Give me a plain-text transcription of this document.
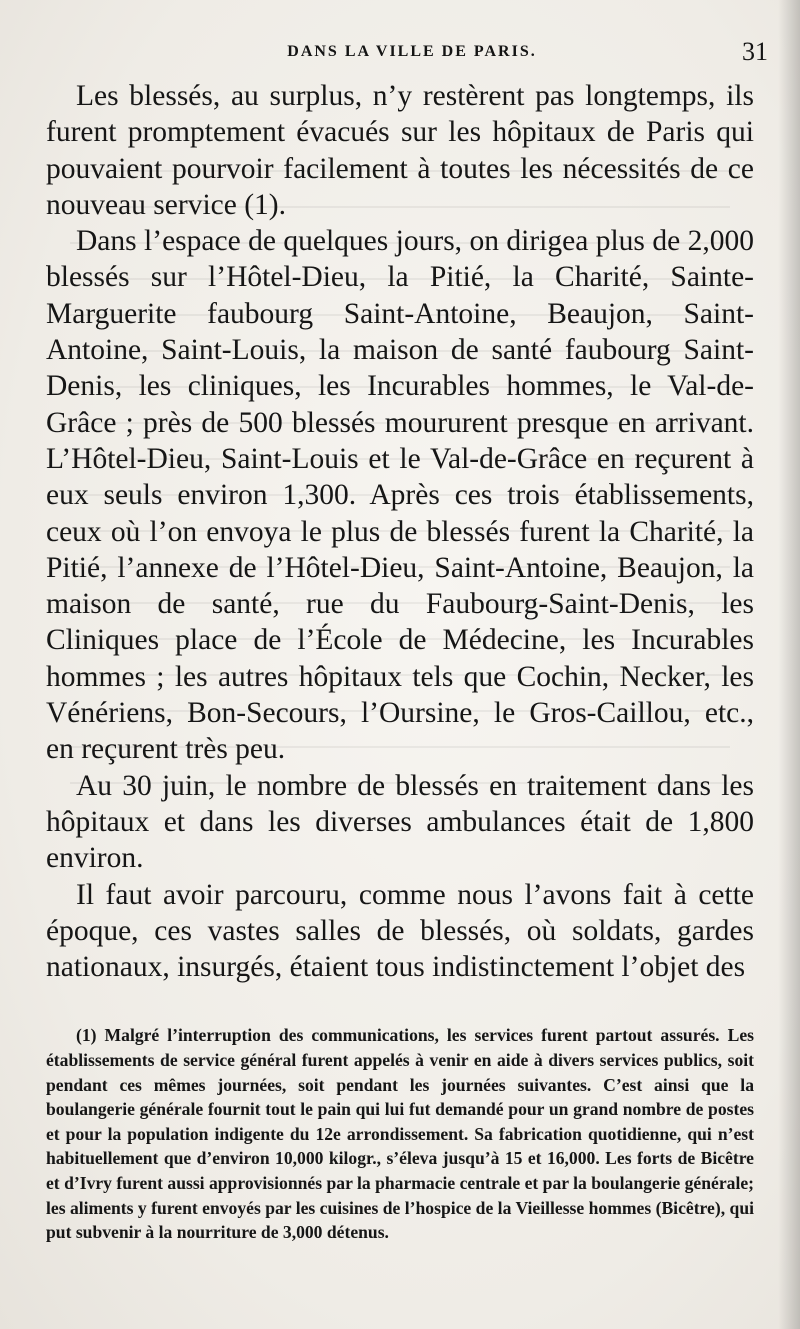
DANS LA VILLE DE PARIS.	31

Les blessés, au surplus, n’y restèrent pas longtemps, ils furent promptement évacués sur les hôpitaux de Paris qui pouvaient pourvoir facilement à toutes les nécessités de ce nouveau service (1).

Dans l’espace de quelques jours, on dirigea plus de 2,000 blessés sur l’Hôtel-Dieu, la Pitié, la Charité, Sainte-Marguerite faubourg Saint-Antoine, Beaujon, Saint-Antoine, Saint-Louis, la maison de santé faubourg Saint-Denis, les cliniques, les Incurables hommes, le Val-de-Grâce ; près de 500 blessés moururent presque en arrivant. L’Hôtel-Dieu, Saint-Louis et le Val-de-Grâce en reçurent à eux seuls environ 1,300. Après ces trois établissements, ceux où l’on envoya le plus de blessés furent la Charité, la Pitié, l’annexe de l’Hôtel-Dieu, Saint-Antoine, Beaujon, la maison de santé, rue du Faubourg-Saint-Denis, les Cliniques place de l’École de Médecine, les Incurables hommes ; les autres hôpitaux tels que Cochin, Necker, les Vénériens, Bon-Secours, l’Oursine, le Gros-Caillou, etc., en reçurent très peu.

Au 30 juin, le nombre de blessés en traitement dans les hôpitaux et dans les diverses ambulances était de 1,800 environ.

Il faut avoir parcouru, comme nous l’avons fait à cette époque, ces vastes salles de blessés, où soldats, gardes nationaux, insurgés, étaient tous indistinctement l’objet des

(1) Malgré l’interruption des communications, les services furent partout assurés. Les établissements de service général furent appelés à venir en aide à divers services publics, soit pendant ces mêmes journées, soit pendant les journées suivantes. C’est ainsi que la boulangerie générale fournit tout le pain qui lui fut demandé pour un grand nombre de postes et pour la population indigente du 12e arrondissement. Sa fabrication quotidienne, qui n’est habituellement que d’environ 10,000 kilogr., s’éleva jusqu’à 15 et 16,000. Les forts de Bicêtre et d’Ivry furent aussi approvisionnés par la pharmacie centrale et par la boulangerie générale; les aliments y furent envoyés par les cuisines de l’hospice de la Vieillesse hommes (Bicêtre), qui put subvenir à la nourriture de 3,000 détenus.
